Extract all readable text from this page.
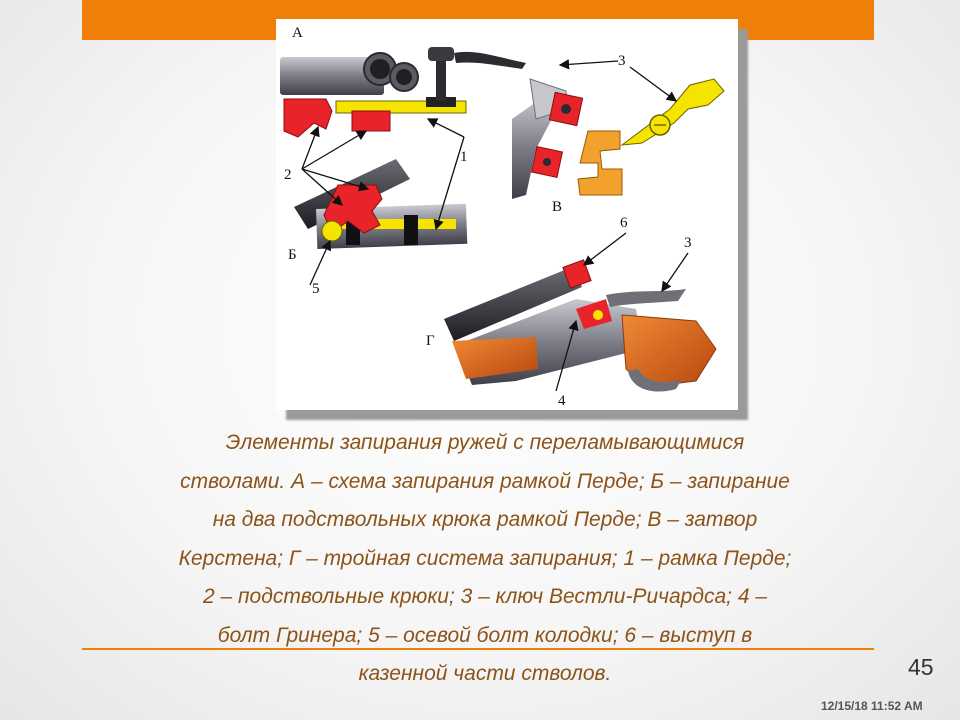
А
Б
В
Г
1
2
3
3
4
5
6
Элементы запирания ружей с переламывающимися
стволами. А – схема запирания рамкой Перде; Б – запирание
на два подствольных крюка рамкой Перде; В – затвор
Керстена; Г – тройная система запирания; 1 – рамка Перде;
2 – подствольные крюки; 3 – ключ Вестли-Ричардса; 4 –
болт Гринера; 5 – осевой болт колодки; 6 – выступ в
казенной части стволов.	45
12/15/18 11:52 AM
